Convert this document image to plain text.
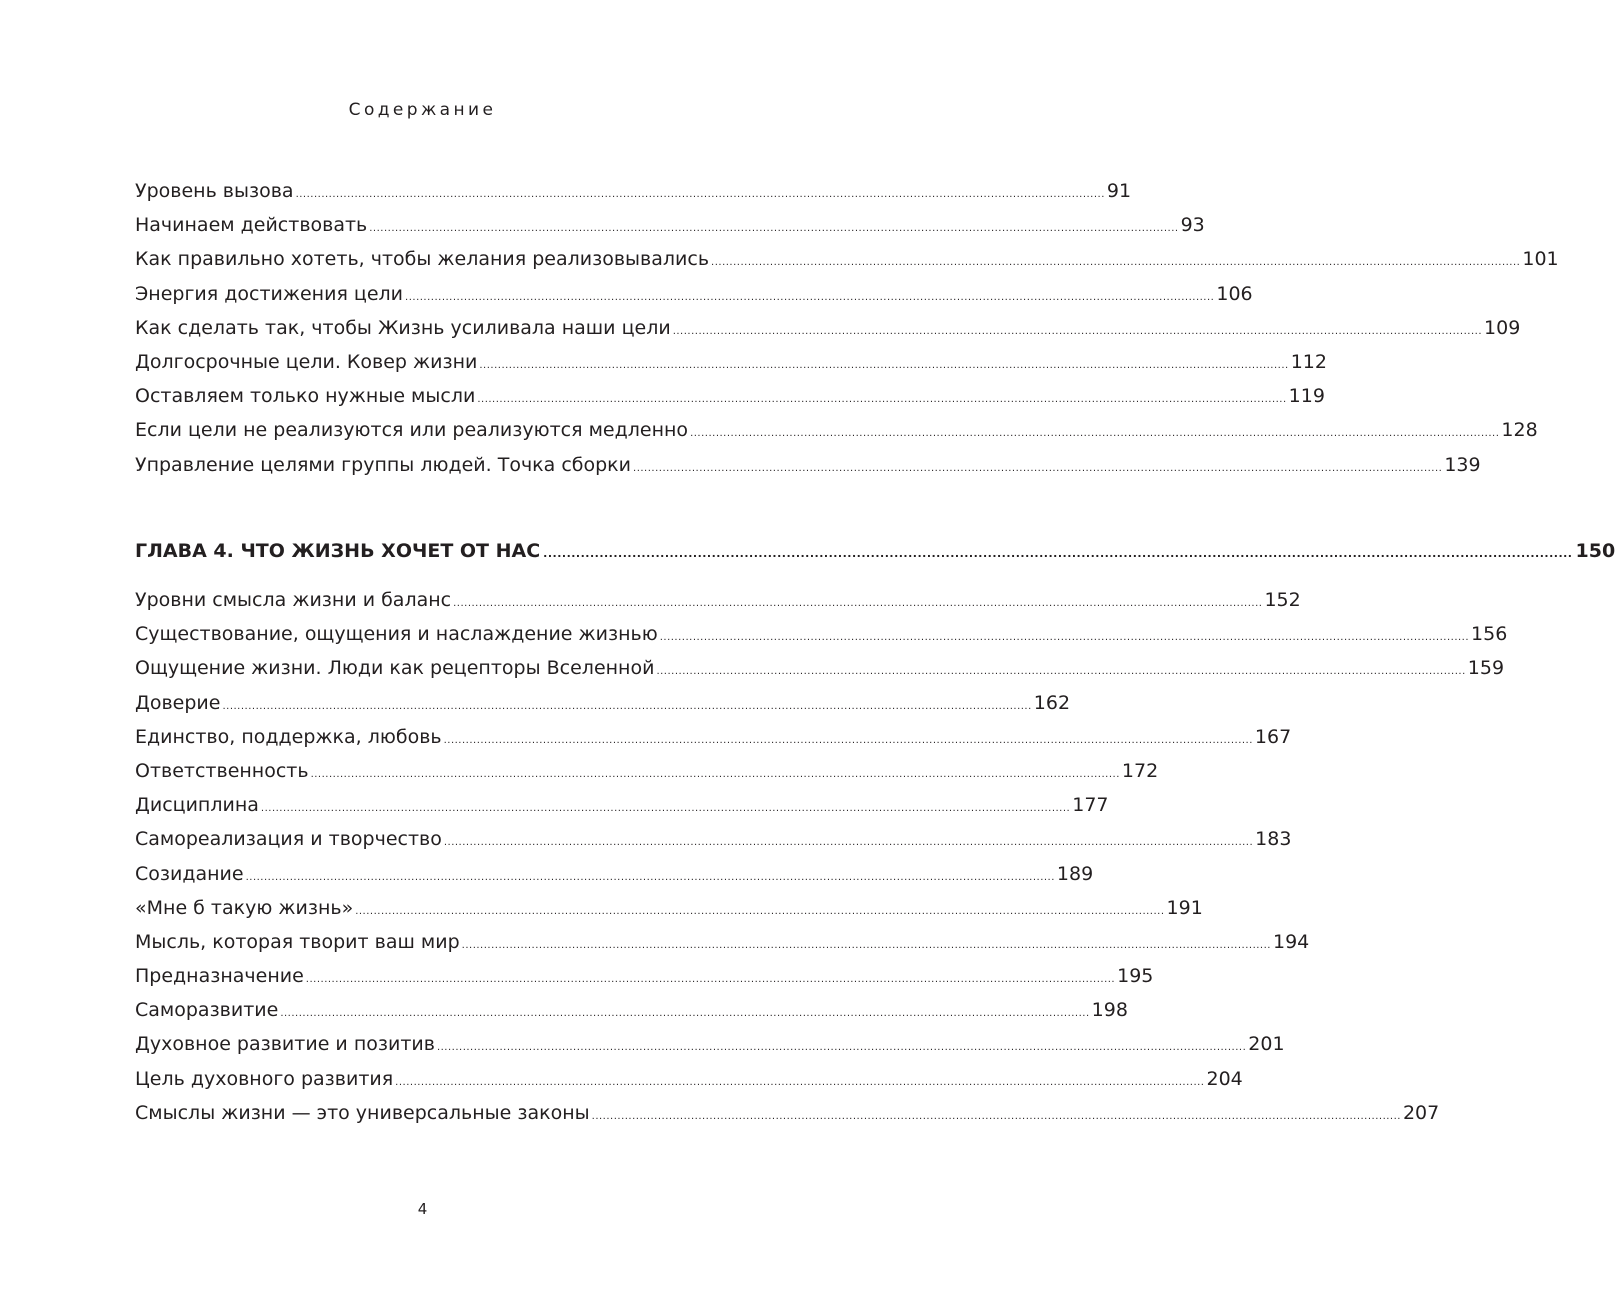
Содержание
Уровень вызова ............................................................................................................................................................................................................................ 91
Начинаем действовать ............................................................................................................................................................................................................................ 93
Как правильно хотеть, чтобы желания реализовывались ............................................................................................................................................................................................................................ 101
Энергия достижения цели ............................................................................................................................................................................................................................ 106
Как сделать так, чтобы Жизнь усиливала наши цели ............................................................................................................................................................................................................................ 109
Долгосрочные цели. Ковер жизни ............................................................................................................................................................................................................................ 112
Оставляем только нужные мысли ............................................................................................................................................................................................................................ 119
Если цели не реализуются или реализуются медленно ............................................................................................................................................................................................................................ 128
Управление целями группы людей. Точка сборки ............................................................................................................................................................................................................................ 139
ГЛАВА 4. ЧТО ЖИЗНЬ ХОЧЕТ ОТ НАС ............................................................................................................................................................................................................................ 150
Уровни смысла жизни и баланс ............................................................................................................................................................................................................................ 152
Существование, ощущения и наслаждение жизнью ............................................................................................................................................................................................................................ 156
Ощущение жизни. Люди как рецепторы Вселенной ............................................................................................................................................................................................................................ 159
Доверие ............................................................................................................................................................................................................................ 162
Единство, поддержка, любовь ............................................................................................................................................................................................................................ 167
Ответственность ............................................................................................................................................................................................................................ 172
Дисциплина ............................................................................................................................................................................................................................ 177
Самореализация и творчество ............................................................................................................................................................................................................................ 183
Созидание ............................................................................................................................................................................................................................ 189
«Мне б такую жизнь» ............................................................................................................................................................................................................................ 191
Мысль, которая творит ваш мир ............................................................................................................................................................................................................................ 194
Предназначение ............................................................................................................................................................................................................................ 195
Саморазвитие ............................................................................................................................................................................................................................ 198
Духовное развитие и позитив ............................................................................................................................................................................................................................ 201
Цель духовного развития ............................................................................................................................................................................................................................ 204
Смыслы жизни — это универсальные законы ............................................................................................................................................................................................................................ 207
4
